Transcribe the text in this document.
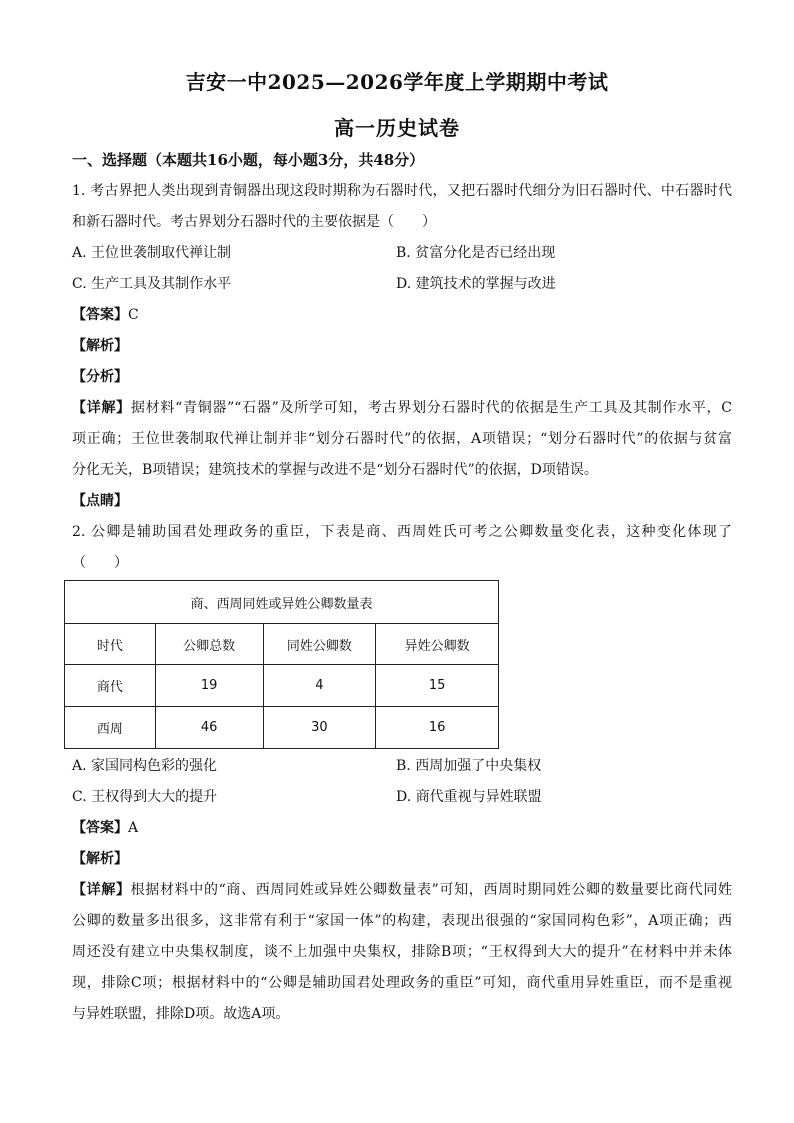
吉安一中2025—2026学年度上学期期中考试
高一历史试卷
一、选择题（本题共16小题，每小题3分，共48分）
1. 考古界把人类出现到青铜器出现这段时期称为石器时代，又把石器时代细分为旧石器时代、中石器时代
和新石器时代。考古界划分石器时代的主要依据是（　　）
A. 王位世袭制取代禅让制	B. 贫富分化是否已经出现
C. 生产工具及其制作水平	D. 建筑技术的掌握与改进
【答案】C
【解析】
【分析】
【详解】据材料“青铜器”“石器”及所学可知，考古界划分石器时代的依据是生产工具及其制作水平，C
项正确；王位世袭制取代禅让制并非“划分石器时代”的依据，A项错误；“划分石器时代”的依据与贫富
分化无关，B项错误；建筑技术的掌握与改进不是“划分石器时代”的依据，D项错误。
【点睛】
2. 公卿是辅助国君处理政务的重臣，下表是商、西周姓氏可考之公卿数量变化表，这种变化体现了
（　　）
商、西周同姓或异姓公卿数量表			
时代	公卿总数	同姓公卿数	异姓公卿数
商代	19	4	15
西周	46	30	16
A. 家国同构色彩的强化	B. 西周加强了中央集权
C. 王权得到大大的提升	D. 商代重视与异姓联盟
【答案】A
【解析】
【详解】根据材料中的“商、西周同姓或异姓公卿数量表”可知，西周时期同姓公卿的数量要比商代同姓
公卿的数量多出很多，这非常有利于“家国一体”的构建，表现出很强的“家国同构色彩”，A项正确；西
周还没有建立中央集权制度，谈不上加强中央集权，排除B项；“王权得到大大的提升”在材料中并未体
现，排除C项；根据材料中的“公卿是辅助国君处理政务的重臣”可知，商代重用异姓重臣，而不是重视
与异姓联盟，排除D项。故选A项。
